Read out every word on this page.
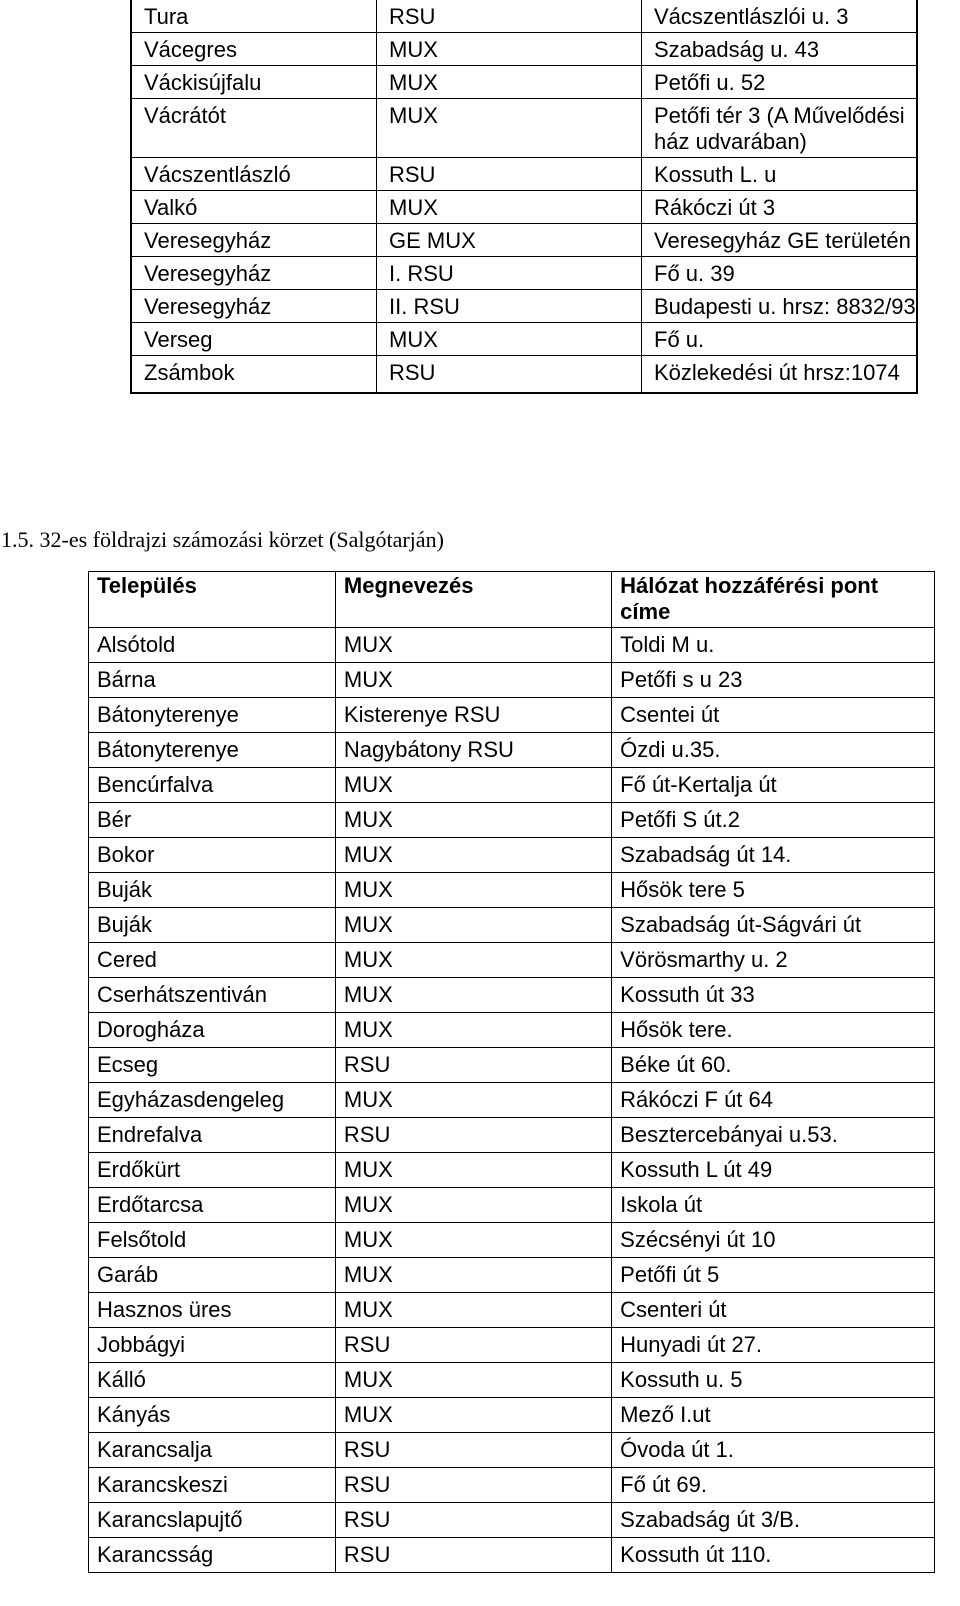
Tura	RSU	Vácszentlászlói u. 3
Vácegres	MUX	Szabadság u. 43
Váckisújfalu	MUX	Petőfi u. 52
Vácrátót	MUX	Petőfi tér 3 (A Művelődési ház udvarában)
Vácszentlászló	RSU	Kossuth L. u
Valkó	MUX	Rákóczi út 3
Veresegyház	GE MUX	Veresegyház GE területén
Veresegyház	I. RSU	Fő u. 39
Veresegyház	II. RSU	Budapesti u. hrsz: 8832/93
Verseg	MUX	Fő u.
Zsámbok	RSU	Közlekedési út hrsz:1074
1.5. 32-es földrajzi számozási körzet (Salgótarján)
Település	Megnevezés	Hálózat hozzáférési pont címe
Alsótold	MUX	Toldi M u.
Bárna	MUX	Petőfi s u 23
Bátonyterenye	Kisterenye RSU	Csentei út
Bátonyterenye	Nagybátony RSU	Ózdi u.35.
Bencúrfalva	MUX	Fő út-Kertalja út
Bér	MUX	Petőfi S út.2
Bokor	MUX	Szabadság út 14.
Buják	MUX	Hősök tere 5
Buják	MUX	Szabadság út-Ságvári út
Cered	MUX	Vörösmarthy u. 2
Cserhátszentiván	MUX	Kossuth út 33
Dorogháza	MUX	Hősök tere.
Ecseg	RSU	Béke út 60.
Egyházasdengeleg	MUX	Rákóczi F út 64
Endrefalva	RSU	Besztercebányai u.53.
Erdőkürt	MUX	Kossuth L út 49
Erdőtarcsa	MUX	Iskola út
Felsőtold	MUX	Szécsényi út 10
Garáb	MUX	Petőfi út 5
Hasznos üres	MUX	Csenteri út
Jobbágyi	RSU	Hunyadi út 27.
Kálló	MUX	Kossuth u. 5
Kányás	MUX	Mező I.ut
Karancsalja	RSU	Óvoda út 1.
Karancskeszi	RSU	Fő út 69.
Karancslapujtő	RSU	Szabadság út 3/B.
Karancsság	RSU	Kossuth út 110.
